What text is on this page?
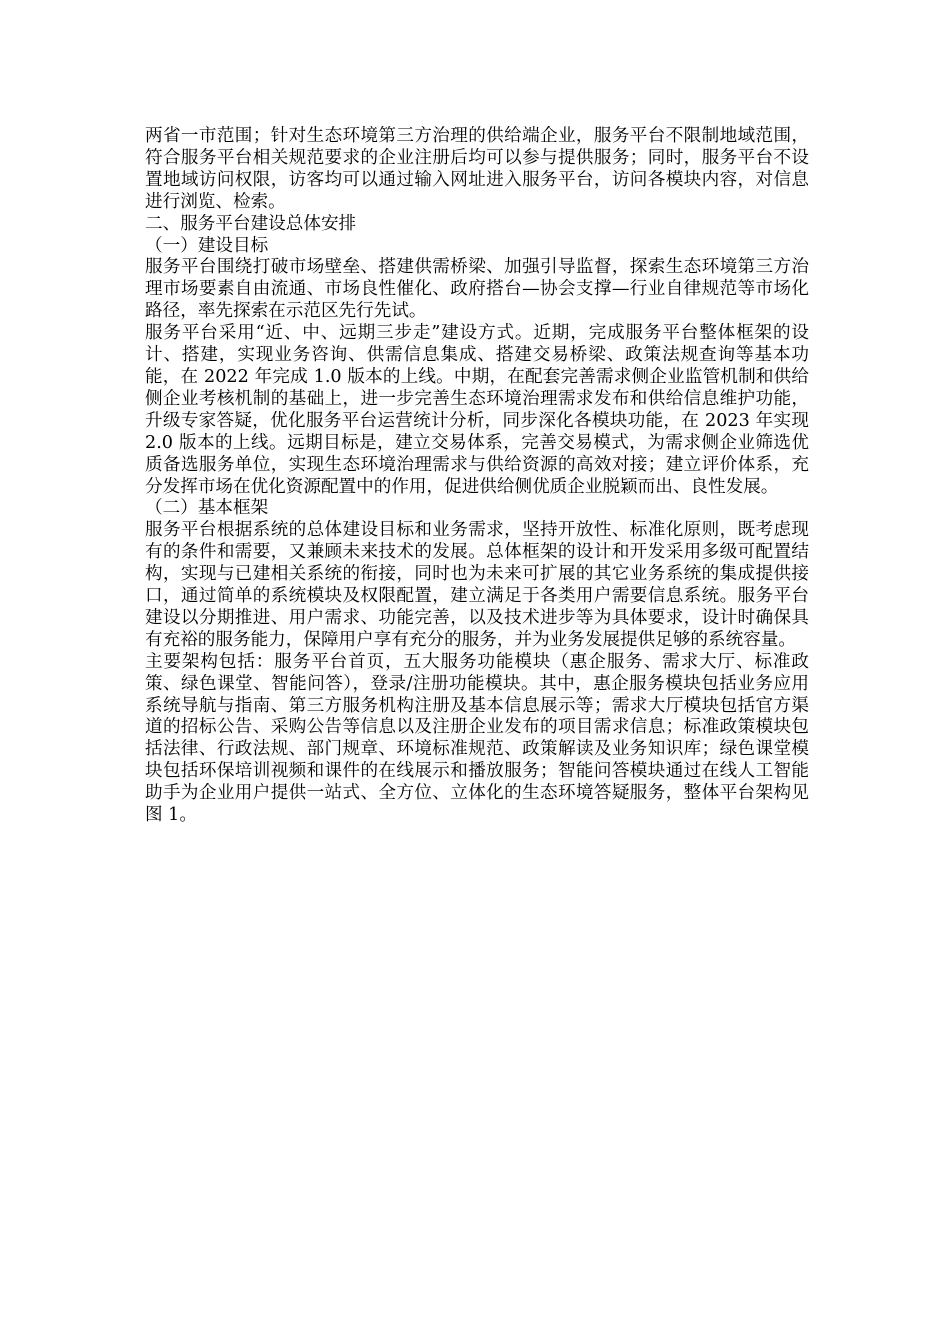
两省一市范围；针对生态环境第三方治理的供给端企业，服务平台不限制地域范围，符合服务平台相关规范要求的企业注册后均可以参与提供服务；同时，服务平台不设置地域访问权限，访客均可以通过输入网址进入服务平台，访问各模块内容，对信息进行浏览、检索。

二、服务平台建设总体安排

（一）建设目标

服务平台围绕打破市场壁垒、搭建供需桥梁、加强引导监督，探索生态环境第三方治理市场要素自由流通、市场良性催化、政府搭台—协会支撑—行业自律规范等市场化路径，率先探索在示范区先行先试。

服务平台采用“近、中、远期三步走”建设方式。近期，完成服务平台整体框架的设计、搭建，实现业务咨询、供需信息集成、搭建交易桥梁、政策法规查询等基本功能，在 2022 年完成 1.0 版本的上线。中期，在配套完善需求侧企业监管机制和供给侧企业考核机制的基础上，进一步完善生态环境治理需求发布和供给信息维护功能，升级专家答疑，优化服务平台运营统计分析，同步深化各模块功能，在 2023 年实现 2.0 版本的上线。远期目标是，建立交易体系，完善交易模式，为需求侧企业筛选优质备选服务单位，实现生态环境治理需求与供给资源的高效对接；建立评价体系，充分发挥市场在优化资源配置中的作用，促进供给侧优质企业脱颖而出、良性发展。

（二）基本框架

服务平台根据系统的总体建设目标和业务需求，坚持开放性、标准化原则，既考虑现有的条件和需要，又兼顾未来技术的发展。总体框架的设计和开发采用多级可配置结构，实现与已建相关系统的衔接，同时也为未来可扩展的其它业务系统的集成提供接口，通过简单的系统模块及权限配置，建立满足于各类用户需要信息系统。服务平台建设以分期推进、用户需求、功能完善，以及技术进步等为具体要求，设计时确保具有充裕的服务能力，保障用户享有充分的服务，并为业务发展提供足够的系统容量。

主要架构包括：服务平台首页，五大服务功能模块（惠企服务、需求大厅、标准政策、绿色课堂、智能问答），登录/注册功能模块。其中，惠企服务模块包括业务应用系统导航与指南、第三方服务机构注册及基本信息展示等；需求大厅模块包括官方渠道的招标公告、采购公告等信息以及注册企业发布的项目需求信息；标准政策模块包括法律、行政法规、部门规章、环境标准规范、政策解读及业务知识库；绿色课堂模块包括环保培训视频和课件的在线展示和播放服务；智能问答模块通过在线人工智能助手为企业用户提供一站式、全方位、立体化的生态环境答疑服务，整体平台架构见图 1。
